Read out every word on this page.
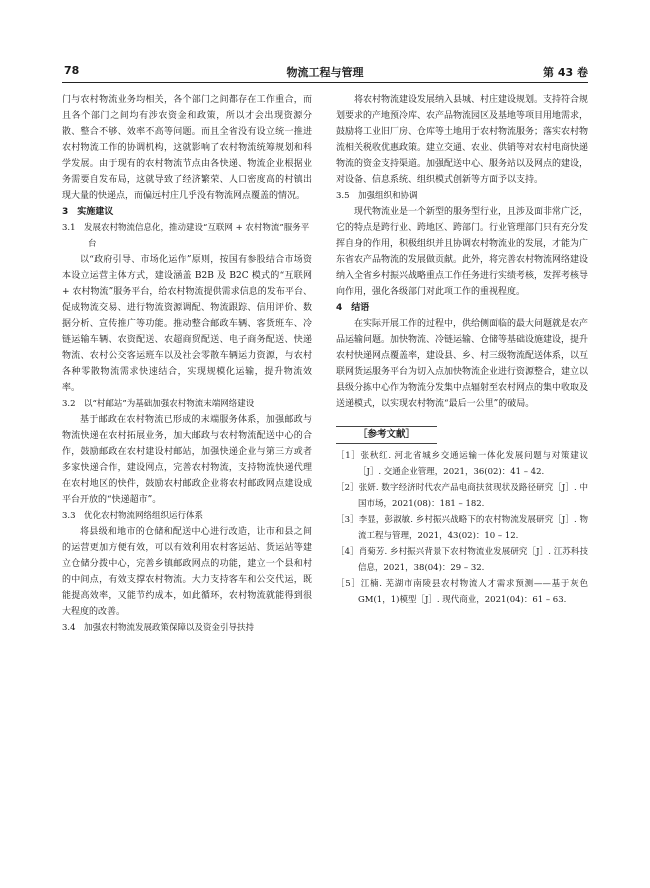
78	物流工程与管理	第 43 卷

门与农村物流业务均相关，各个部门之间都存在工作重合，而且各个部门之间均有涉农资金和政策，所以才会出现资源分散、整合不够、效率不高等问题。而且全省没有设立统一推进农村物流工作的协调机构，这就影响了农村物流统筹规划和科学发展。由于现有的农村物流节点由各快递、物流企业根据业务需要自发布局，这就导致了经济繁荣、人口密度高的村镇出现大量的快递点，而偏远村庄几乎没有物流网点覆盖的情况。

3　实施建议
3.1　发展农村物流信息化，推动建设“互联网 + 农村物流”服务平台

以“政府引导、市场化运作”原则，按国有参股结合市场资本设立运营主体方式，建设涵盖 B2B 及 B2C 模式的“互联网 + 农村物流”服务平台，给农村物流提供需求信息的发布平台、促成物流交易、进行物流资源调配、物流跟踪、信用评价、数据分析、宣传推广等功能。推动整合邮政车辆、客货班车、冷链运输车辆、农资配送、农超商贸配送、电子商务配送、快递物流、农村公交客运班车以及社会零散车辆运力资源，与农村各种零散物流需求快速结合，实现规模化运输，提升物流效率。

3.2　以“村邮站”为基础加强农村物流末端网络建设

基于邮政在农村物流已形成的末端服务体系，加强邮政与物流快递在农村拓展业务，加大邮政与农村物流配送中心的合作，鼓励邮政在农村建设村邮站，加强快递企业与第三方或者多家快递合作，建设网点，完善农村物流，支持物流快递代理在农村地区的快件，鼓励农村邮政企业将农村邮政网点建设成平台开放的“快递超市”。

3.3　优化农村物流网络组织运行体系

将县级和地市的仓储和配送中心进行改造，让市和县之间的运营更加方便有效，可以有效利用农村客运站、货运站等建立仓储分拨中心，完善乡镇邮政网点的功能，建立一个县和村的中间点，有效支撑农村物流。大力支持客车和公交代运，既能提高效率，又能节约成本，如此循环，农村物流就能得到很大程度的改善。

3.4　加强农村物流发展政策保障以及资金引导扶持

将农村物流建设发展纳入县城、村庄建设规划。支持符合规划要求的产地预冷库、农产品物流园区及基地等项目用地需求，鼓励将工业旧厂房、仓库等土地用于农村物流服务；落实农村物流相关税收优惠政策。建立交通、农业、供销等对农村电商快递物流的资金支持渠道。加强配送中心、服务站以及网点的建设，对设备、信息系统、组织模式创新等方面予以支持。

3.5　加强组织和协调

现代物流业是一个新型的服务型行业，且涉及面非常广泛，它的特点是跨行业、跨地区、跨部门。行业管理部门只有充分发挥自身的作用，积极组织并且协调农村物流业的发展，才能为广东省农产品物流的发展做贡献。此外，将完善农村物流网络建设纳入全省乡村振兴战略重点工作任务进行实绩考核，发挥考核导向作用，强化各级部门对此项工作的重视程度。

4　结语

在实际开展工作的过程中，供给侧面临的最大问题就是农产品运输问题。加快物流、冷链运输、仓储等基础设施建设，提升农村快递网点覆盖率，建设县、乡、村三级物流配送体系，以互联网货运服务平台为切入点加快物流企业进行资源整合，建立以县级分拣中心作为物流分发集中点辐射至农村网点的集中收取及送递模式，以实现农村物流“最后一公里”的破局。

［参考文献］

［1］张秋红. 河北省城乡交通运输一体化发展问题与对策建议［J］. 交通企业管理，2021，36(02)：41 – 42.

［2］张妍. 数字经济时代农产品电商扶贫现状及路径研究［J］. 中国市场，2021(08)：181 – 182.

［3］李显，彭淑敏. 乡村振兴战略下的农村物流发展研究［J］. 物流工程与管理，2021，43(02)：10 – 12.

［4］肖菊芳. 乡村振兴背景下农村物流业发展研究［J］. 江苏科技信息，2021，38(04)：29 – 32.

［5］江楠. 芜湖市南陵县农村物流人才需求预测——基于灰色 GM(1，1)模型［J］. 现代商业，2021(04)：61 – 63.
